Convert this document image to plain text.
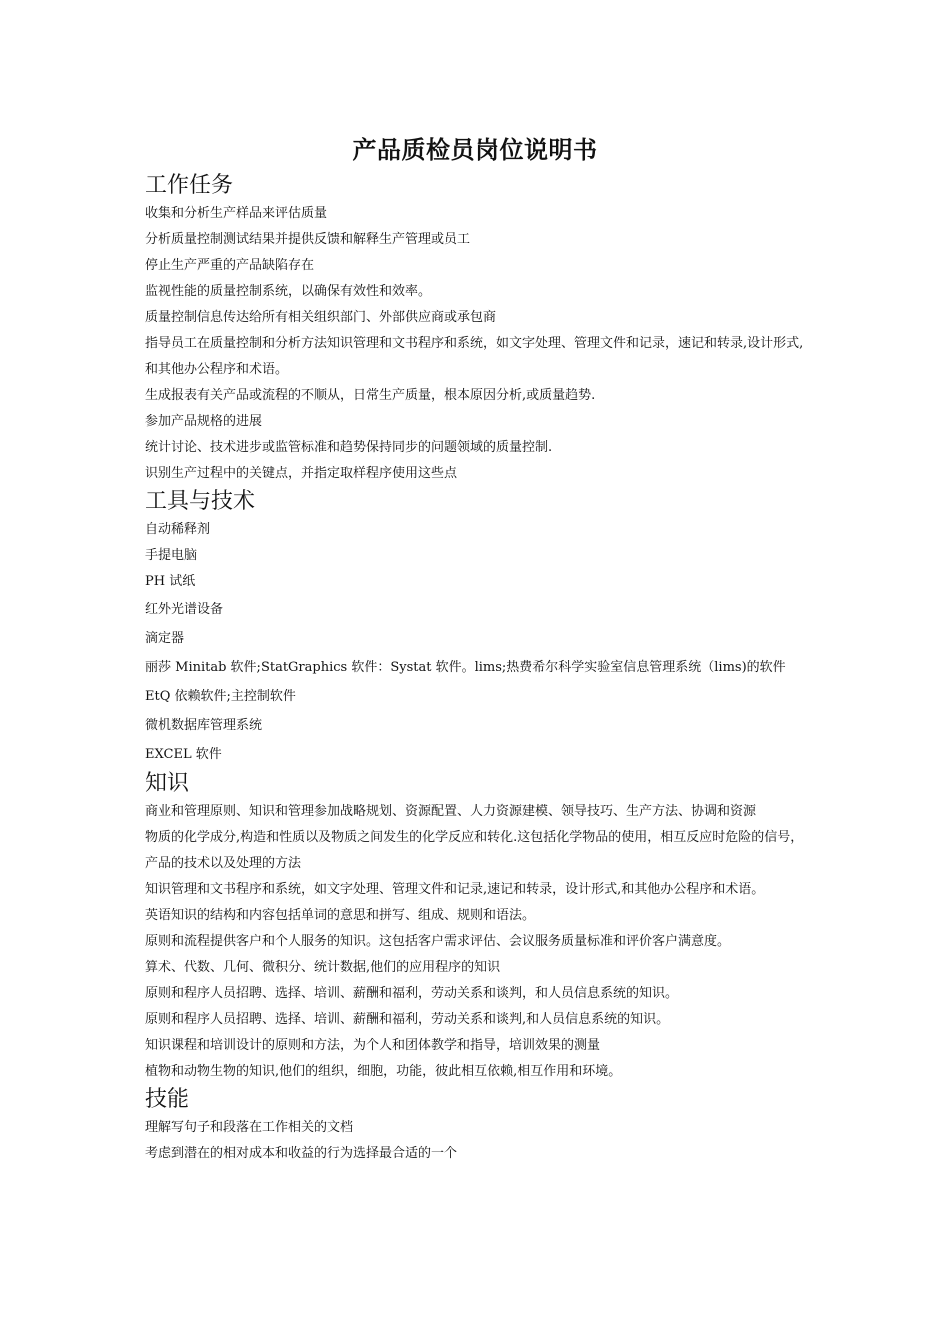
产品质检员岗位说明书
工作任务

收集和分析生产样品来评估质量

分析质量控制测试结果并提供反馈和解释生产管理或员工

停止生产严重的产品缺陷存在

监视性能的质量控制系统，以确保有效性和效率。

质量控制信息传达给所有相关组织部门、外部供应商或承包商

指导员工在质量控制和分析方法知识管理和文书程序和系统，如文字处理、管理文件和记录，速记和转录,设计形式,和其他办公程序和术语。

生成报表有关产品或流程的不顺从，日常生产质量，根本原因分析,或质量趋势.

参加产品规格的进展

统计讨论、技术进步或监管标准和趋势保持同步的问题领域的质量控制.

识别生产过程中的关键点，并指定取样程序使用这些点

工具与技术

自动稀释剂

手提电脑

PH 试纸

红外光谱设备

滴定器

丽莎 Minitab 软件;StatGraphics 软件：Systat 软件。lims;热费希尔科学实验室信息管理系统（lims)的软件 EtQ 依赖软件;主控制软件

微机数据库管理系统

EXCEL 软件

知识

商业和管理原则、知识和管理参加战略规划、资源配置、人力资源建模、领导技巧、生产方法、协调和资源

物质的化学成分,构造和性质以及物质之间发生的化学反应和转化.这包括化学物品的使用，相互反应时危险的信号，产品的技术以及处理的方法

知识管理和文书程序和系统，如文字处理、管理文件和记录,速记和转录，设计形式,和其他办公程序和术语。

英语知识的结构和内容包括单词的意思和拼写、组成、规则和语法。

原则和流程提供客户和个人服务的知识。这包括客户需求评估、会议服务质量标准和评价客户满意度。

算术、代数、几何、微积分、统计数据,他们的应用程序的知识

原则和程序人员招聘、选择、培训、薪酬和福利，劳动关系和谈判，和人员信息系统的知识。

原则和程序人员招聘、选择、培训、薪酬和福利，劳动关系和谈判,和人员信息系统的知识。

知识课程和培训设计的原则和方法，为个人和团体教学和指导，培训效果的测量

植物和动物生物的知识,他们的组织，细胞，功能，彼此相互依赖,相互作用和环境。

技能

理解写句子和段落在工作相关的文档

考虑到潜在的相对成本和收益的行为选择最合适的一个
